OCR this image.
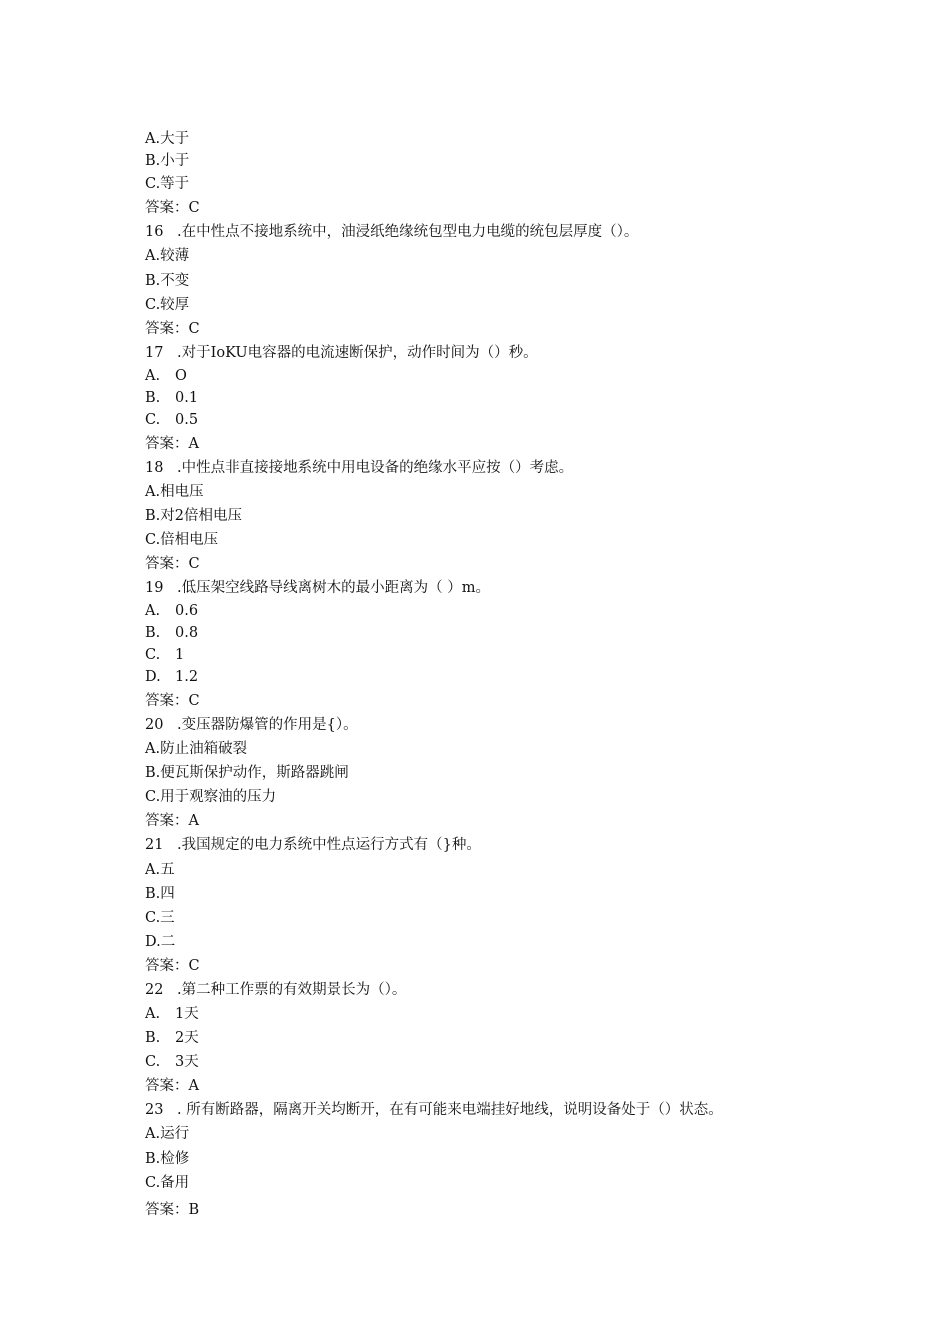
A.大于
B.小于
C.等于
答案：C
16 .在中性点不接地系统中，油浸纸绝缘统包型电力电缆的统包层厚度（）。
A.较薄
B.不变
C.较厚
答案：C
17 .对于IoKU电容器的电流速断保护，动作时间为（）秒。
A. O
B. 0.1
C. 0.5
答案：A
18 .中性点非直接接地系统中用电设备的绝缘水平应按（）考虑。
A.相电压
B.对2倍相电压
C.倍相电压
答案：C
19 .低压架空线路导线离树木的最小距离为（ ）m。
A. 0.6
B. 0.8
C. 1
D. 1.2
答案：C
20 .变压器防爆管的作用是{）。
A.防止油箱破裂
B.便瓦斯保护动作，斯路器跳闸
C.用于观察油的压力
答案：A
21 .我国规定的电力系统中性点运行方式有（}种。
A.五
B.四
C.三
D.二
答案：C
22 .第二种工作票的有效期景长为（）。
A. 1天
B. 2天
C. 3天
答案：A
23 . 所有断路器，隔离开关均断开，在有可能来电端挂好地线，说明设备处于（）状态。
A.运行
B.检修
C.备用
答案：B
